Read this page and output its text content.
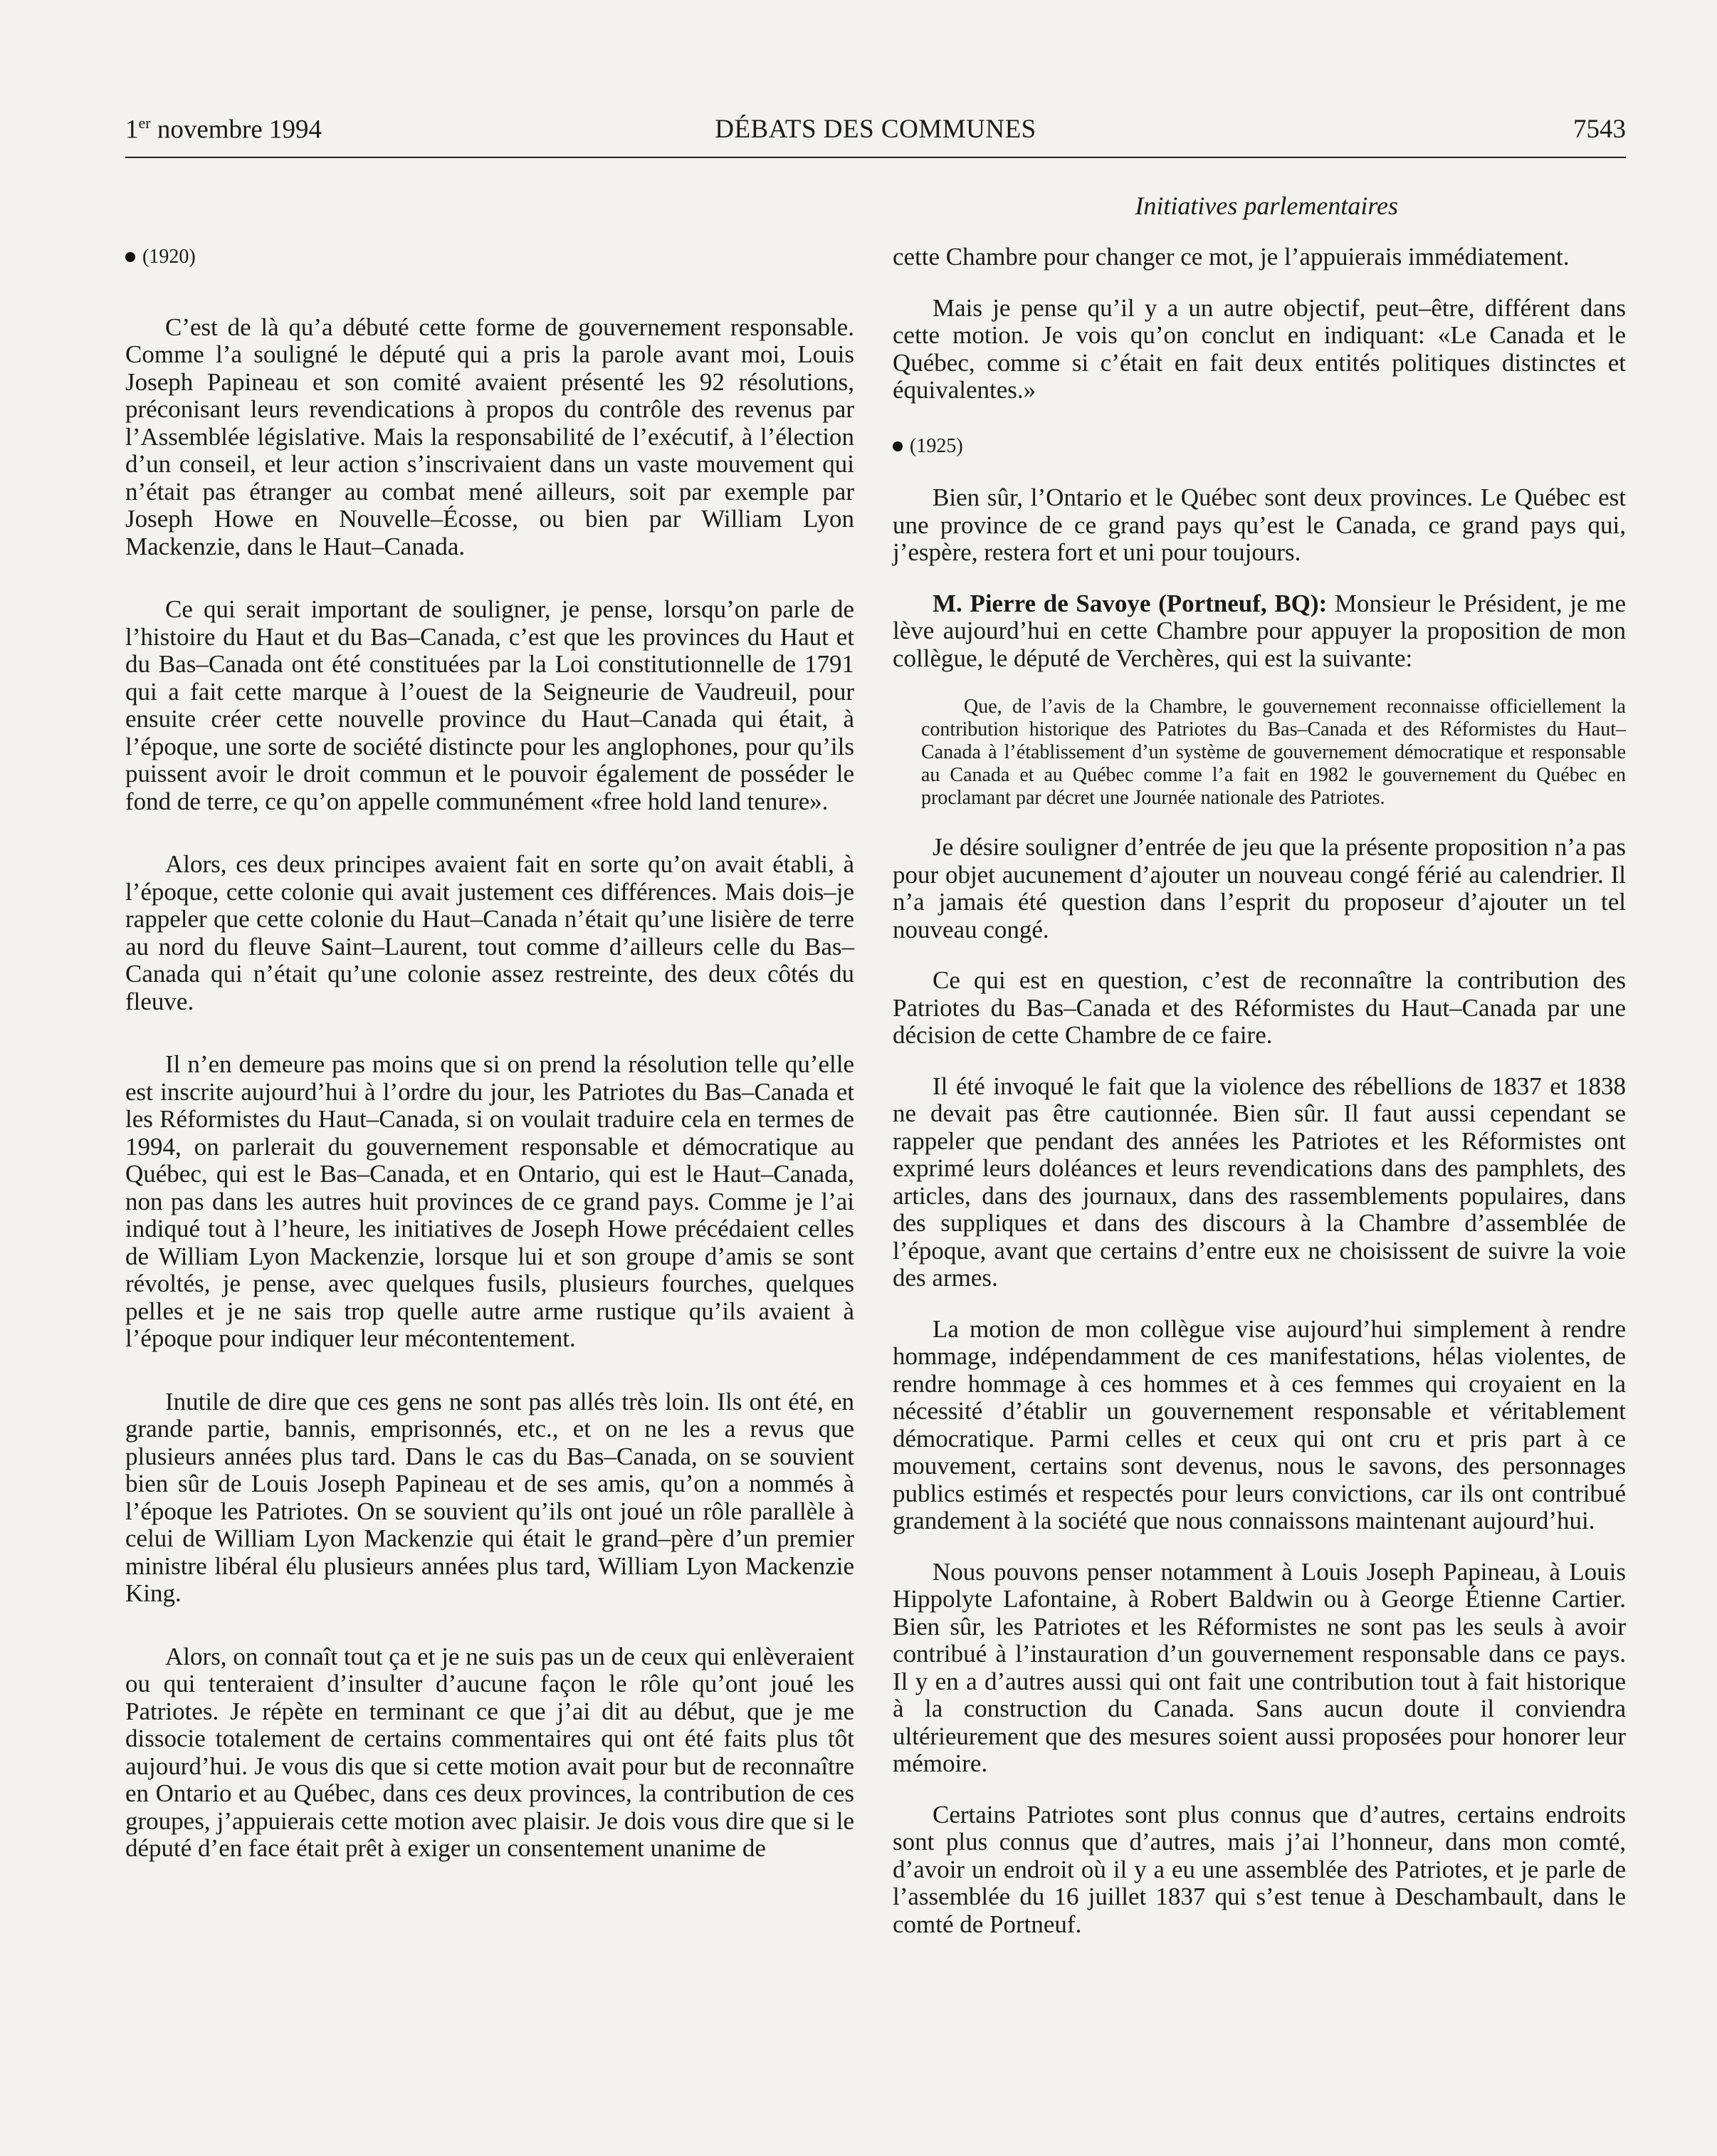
1er novembre 1994	DÉBATS DES COMMUNES	7543
Initiatives parlementaires
(1920)

C’est de là qu’a débuté cette forme de gouvernement responsable. Comme l’a souligné le député qui a pris la parole avant moi, Louis Joseph Papineau et son comité avaient présenté les 92 résolutions, préconisant leurs revendications à propos du contrôle des revenus par l’Assemblée législative. Mais la responsabilité de l’exécutif, à l’élection d’un conseil, et leur action s’inscrivaient dans un vaste mouvement qui n’était pas étranger au combat mené ailleurs, soit par exemple par Joseph Howe en Nouvelle–Écosse, ou bien par William Lyon Mackenzie, dans le Haut–Canada.

Ce qui serait important de souligner, je pense, lorsqu’on parle de l’histoire du Haut et du Bas–Canada, c’est que les provinces du Haut et du Bas–Canada ont été constituées par la Loi constitutionnelle de 1791 qui a fait cette marque à l’ouest de la Seigneurie de Vaudreuil, pour ensuite créer cette nouvelle province du Haut–Canada qui était, à l’époque, une sorte de société distincte pour les anglophones, pour qu’ils puissent avoir le droit commun et le pouvoir également de posséder le fond de terre, ce qu’on appelle communément «free hold land tenure».

Alors, ces deux principes avaient fait en sorte qu’on avait établi, à l’époque, cette colonie qui avait justement ces différences. Mais dois–je rappeler que cette colonie du Haut–Canada n’était qu’une lisière de terre au nord du fleuve Saint–Laurent, tout comme d’ailleurs celle du Bas–Canada qui n’était qu’une colonie assez restreinte, des deux côtés du fleuve.

Il n’en demeure pas moins que si on prend la résolution telle qu’elle est inscrite aujourd’hui à l’ordre du jour, les Patriotes du Bas–Canada et les Réformistes du Haut–Canada, si on voulait traduire cela en termes de 1994, on parlerait du gouvernement responsable et démocratique au Québec, qui est le Bas–Canada, et en Ontario, qui est le Haut–Canada, non pas dans les autres huit provinces de ce grand pays. Comme je l’ai indiqué tout à l’heure, les initiatives de Joseph Howe précédaient celles de William Lyon Mackenzie, lorsque lui et son groupe d’amis se sont révoltés, je pense, avec quelques fusils, plusieurs fourches, quelques pelles et je ne sais trop quelle autre arme rustique qu’ils avaient à l’époque pour indiquer leur mécontentement.

Inutile de dire que ces gens ne sont pas allés très loin. Ils ont été, en grande partie, bannis, emprisonnés, etc., et on ne les a revus que plusieurs années plus tard. Dans le cas du Bas–Canada, on se souvient bien sûr de Louis Joseph Papineau et de ses amis, qu’on a nommés à l’époque les Patriotes. On se souvient qu’ils ont joué un rôle parallèle à celui de William Lyon Mackenzie qui était le grand–père d’un premier ministre libéral élu plusieurs années plus tard, William Lyon Mackenzie King.

Alors, on connaît tout ça et je ne suis pas un de ceux qui enlèveraient ou qui tenteraient d’insulter d’aucune façon le rôle qu’ont joué les Patriotes. Je répète en terminant ce que j’ai dit au début, que je me dissocie totalement de certains commentaires qui ont été faits plus tôt aujourd’hui. Je vous dis que si cette motion avait pour but de reconnaître en Ontario et au Québec, dans ces deux provinces, la contribution de ces groupes, j’appuierais cette motion avec plaisir. Je dois vous dire que si le député d’en face était prêt à exiger un consentement unanime de

cette Chambre pour changer ce mot, je l’appuierais immédiatement.

Mais je pense qu’il y a un autre objectif, peut–être, différent dans cette motion. Je vois qu’on conclut en indiquant: «Le Canada et le Québec, comme si c’était en fait deux entités politiques distinctes et équivalentes.»

(1925)

Bien sûr, l’Ontario et le Québec sont deux provinces. Le Québec est une province de ce grand pays qu’est le Canada, ce grand pays qui, j’espère, restera fort et uni pour toujours.

M. Pierre de Savoye (Portneuf, BQ): Monsieur le Président, je me lève aujourd’hui en cette Chambre pour appuyer la proposition de mon collègue, le député de Verchères, qui est la suivante:

Que, de l’avis de la Chambre, le gouvernement reconnaisse officiellement la contribution historique des Patriotes du Bas–Canada et des Réformistes du Haut–Canada à l’établissement d’un système de gouvernement démocratique et responsable au Canada et au Québec comme l’a fait en 1982 le gouvernement du Québec en proclamant par décret une Journée nationale des Patriotes.

Je désire souligner d’entrée de jeu que la présente proposition n’a pas pour objet aucunement d’ajouter un nouveau congé férié au calendrier. Il n’a jamais été question dans l’esprit du proposeur d’ajouter un tel nouveau congé.

Ce qui est en question, c’est de reconnaître la contribution des Patriotes du Bas–Canada et des Réformistes du Haut–Canada par une décision de cette Chambre de ce faire.

Il été invoqué le fait que la violence des rébellions de 1837 et 1838 ne devait pas être cautionnée. Bien sûr. Il faut aussi cependant se rappeler que pendant des années les Patriotes et les Réformistes ont exprimé leurs doléances et leurs revendications dans des pamphlets, des articles, dans des journaux, dans des rassemblements populaires, dans des suppliques et dans des discours à la Chambre d’assemblée de l’époque, avant que certains d’entre eux ne choisissent de suivre la voie des armes.

La motion de mon collègue vise aujourd’hui simplement à rendre hommage, indépendamment de ces manifestations, hélas violentes, de rendre hommage à ces hommes et à ces femmes qui croyaient en la nécessité d’établir un gouvernement responsable et véritablement démocratique. Parmi celles et ceux qui ont cru et pris part à ce mouvement, certains sont devenus, nous le savons, des personnages publics estimés et respectés pour leurs convictions, car ils ont contribué grandement à la société que nous connaissons maintenant aujourd’hui.

Nous pouvons penser notamment à Louis Joseph Papineau, à Louis Hippolyte Lafontaine, à Robert Baldwin ou à George Étienne Cartier. Bien sûr, les Patriotes et les Réformistes ne sont pas les seuls à avoir contribué à l’instauration d’un gouvernement responsable dans ce pays. Il y en a d’autres aussi qui ont fait une contribution tout à fait historique à la construction du Canada. Sans aucun doute il conviendra ultérieurement que des mesures soient aussi proposées pour honorer leur mémoire.

Certains Patriotes sont plus connus que d’autres, certains endroits sont plus connus que d’autres, mais j’ai l’honneur, dans mon comté, d’avoir un endroit où il y a eu une assemblée des Patriotes, et je parle de l’assemblée du 16 juillet 1837 qui s’est tenue à Deschambault, dans le comté de Portneuf.
